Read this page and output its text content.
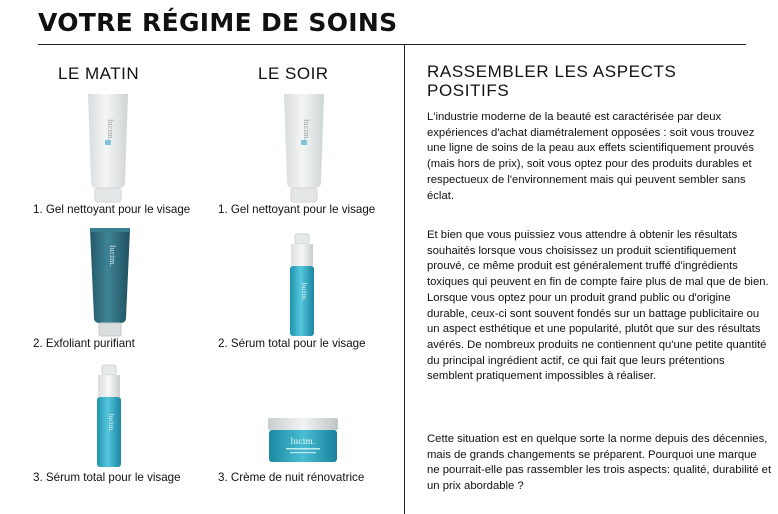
VOTRE RÉGIME DE SOINS
LE MATIN	LE SOIR
lucim.	lucim.
1. Gel nettoyant pour le visage 1. Gel nettoyant pour le visage
lucim.
lucim.
2. Exfoliant purifiant	2. Sérum total pour le visage
lucim.
lucim.
3. Sérum total pour le visage	3. Crème de nuit rénovatrice
RASSEMBLER LES ASPECTS POSITIFS

L'industrie moderne de la beauté est caractérisée par deux expériences d'achat diamétralement opposées : soit vous trouvez une ligne de soins de la peau aux effets scientifiquement prouvés (mais hors de prix), soit vous optez pour des produits durables et respectueux de l'environnement mais qui peuvent sembler sans éclat.

Et bien que vous puissiez vous attendre à obtenir les résultats souhaités lorsque vous choisissez un produit scientifiquement prouvé, ce même produit est généralement truffé d'ingrédients toxiques qui peuvent en fin de compte faire plus de mal que de bien. Lorsque vous optez pour un produit grand public ou d'origine durable, ceux-ci sont souvent fondés sur un battage publicitaire ou un aspect esthétique et une popularité, plutôt que sur des résultats avérés. De nombreux produits ne contiennent qu'une petite quantité du principal ingrédient actif, ce qui fait que leurs prétentions semblent pratiquement impossibles à réaliser.

Cette situation est en quelque sorte la norme depuis des décennies, mais de grands changements se préparent. Pourquoi une marque ne pourrait-elle pas rassembler les trois aspects: qualité, durabilité et un prix abordable ?
